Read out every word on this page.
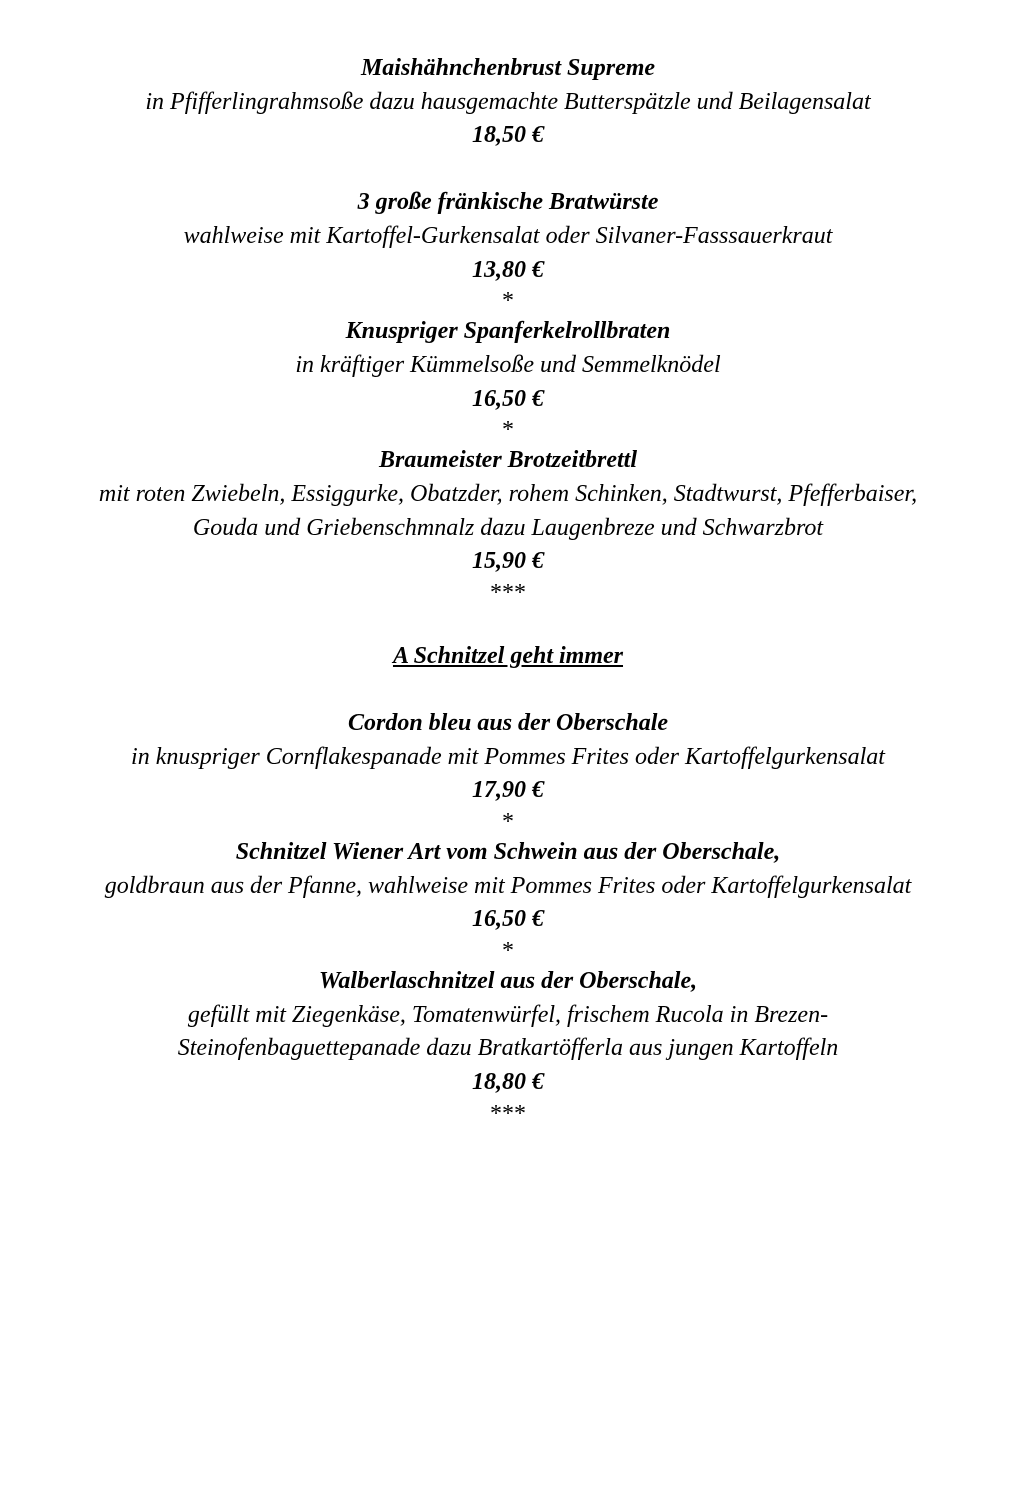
Maishähnchenbrust Supreme
in Pfifferlingrahmsoße dazu hausgemachte Butterspätzle und Beilagensalat
18,50 €
3 große fränkische Bratwürste
wahlweise mit Kartoffel-Gurkensalat oder Silvaner-Fasssauerkraut
13,80 €
*
Knuspriger Spanferkelrollbraten
in kräftiger Kümmelsoße und Semmelknödel
16,50 €
*
Braumeister Brotzeitbrettl
mit roten Zwiebeln, Essiggurke, Obatzder, rohem Schinken, Stadtwurst, Pfefferbaiser,
Gouda und Griebenschmnalz dazu Laugenbreze und Schwarzbrot
15,90 €
***
A Schnitzel geht immer
Cordon bleu aus der Oberschale
in knuspriger Cornflakespanade mit Pommes Frites oder Kartoffelgurkensalat
17,90 €
*
Schnitzel Wiener Art vom Schwein aus der Oberschale,
goldbraun aus der Pfanne, wahlweise mit Pommes Frites oder Kartoffelgurkensalat
16,50 €
*
Walberlaschnitzel aus der Oberschale,
gefüllt mit Ziegenkäse, Tomatenwürfel, frischem Rucola in Brezen-
Steinofenbaguettepanade dazu Bratkartöfferla aus jungen Kartoffeln
18,80 €
***
